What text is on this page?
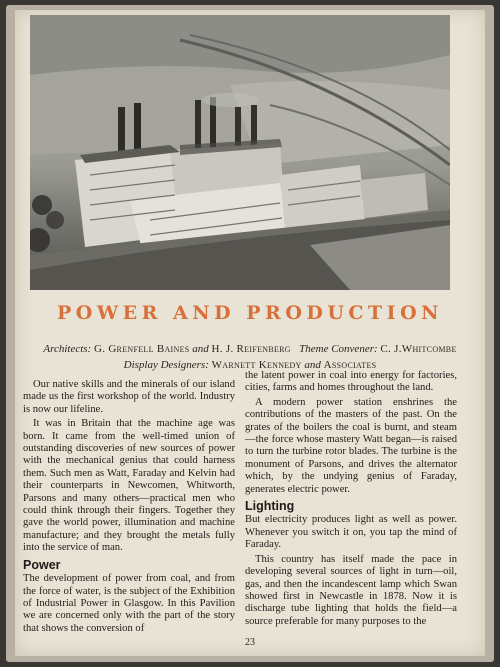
POWER AND PRODUCTION
Architects: G. Grenfell Baines and H. J. Reifenberg Theme Convener: C. J.Whitcombe
Display Designers: Warnett Kennedy and Associates

Our native skills and the minerals of our island made us the first workshop of the world. Industry is now our lifeline.

It was in Britain that the machine age was born. It came from the well-timed union of outstanding discoveries of new sources of power with the mechanical genius that could harness them. Such men as Watt, Faraday and Kelvin had their counterparts in Newcomen, Whitworth, Parsons and many others—practical men who could think through their fingers. Together they gave the world power, illumination and machine manufacture; and they brought the metals fully into the service of man.

Power

The development of power from coal, and from the force of water, is the subject of the Exhibition of Industrial Power in Glasgow. In this Pavilion we are concerned only with the part of the story that shows the conversion of

the latent power in coal into energy for factories, cities, farms and homes throughout the land.

A modern power station enshrines the contributions of the masters of the past. On the grates of the boilers the coal is burnt, and steam—the force whose mastery Watt began—is raised to turn the turbine rotor blades. The turbine is the monument of Parsons, and drives the alternator which, by the undying genius of Faraday, generates electric power.

Lighting

But electricity produces light as well as power. Whenever you switch it on, you tap the mind of Faraday.

This country has itself made the pace in developing several sources of light in turn—oil, gas, and then the incandescent lamp which Swan showed first in Newcastle in 1878. Now it is discharge tube lighting that holds the field—a source preferable for many purposes to the

23
